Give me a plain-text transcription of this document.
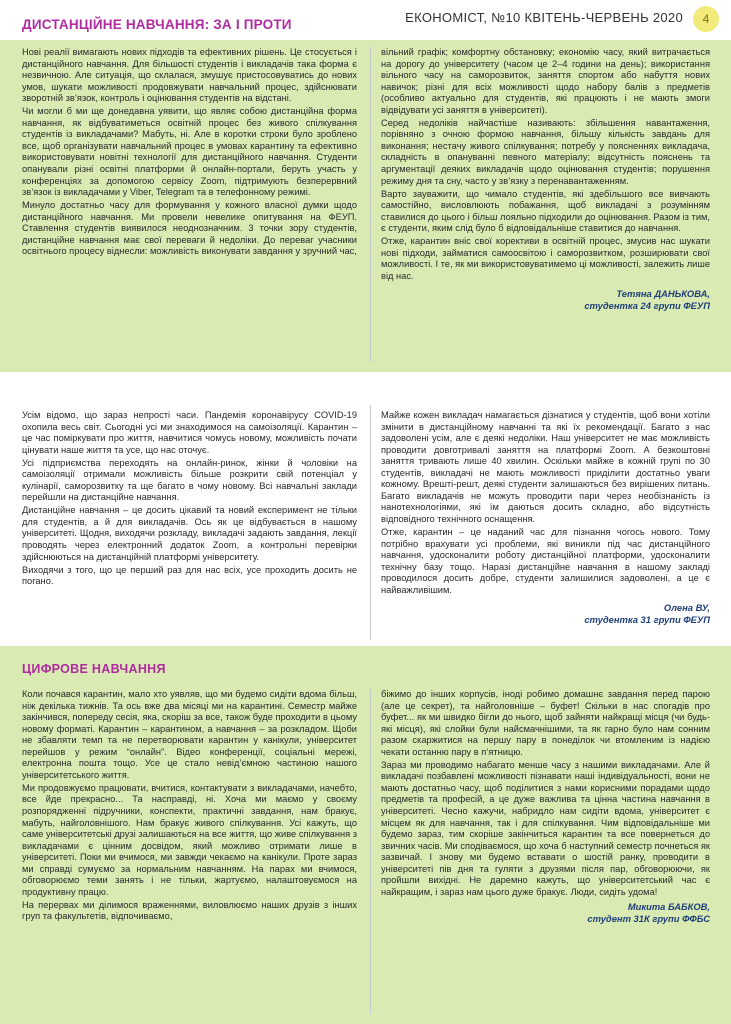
ДИСТАНЦІЙНЕ НАВЧАННЯ: ЗА І ПРОТИ	ЕКОНОМІСТ, №10 КВІТЕНЬ-ЧЕРВЕНЬ 2020	4

Нові реалії вимагають нових підходів та ефективних рішень. Це стосується і дистанційного навчання. Для більшості студентів і викладачів така форма є незвичною. Але ситуація, що склалася, змушує пристосовуватись до нових умов, шукати можливості продовжувати навчальний процес, здійснювати зворотній зв’язок, контроль і оцінювання студентів на відстані.

Чи могли б ми ще донедавна уявити, що являє собою дистанційна форма навчання, як відбуватиметься освітній процес без живого спілкування студентів із викладачами? Мабуть, ні. Але в коротки строки було зроблено все, щоб організувати навчальний процес в умовах карантину та ефективно використовувати новітні технології для дистанційного навчання. Студенти опанували різні освітні платформи й онлайн-портали, беруть участь у конференціях за допомогою сервісу Zoom, підтримують безперервний зв’язок із викладачами у Viber, Telegram та в телефонному режимі.

Минуло достатньо часу для формування у кожного власної думки щодо дистанційного навчання. Ми провели невелике опитування на ФЕУП. Ставлення студентів виявилося неоднозначним. 3 точки зору студентів, дистанційне навчання має свої переваги й недоліки. До переваг учасники освітнього процесу віднесли: можливість виконувати завдання у зручний час,

вільний графік; комфортну обстановку; економію часу, який витрачається на дорогу до університету (часом це 2–4 години на день); використання вільного часу на саморозвиток, заняття спортом або набуття нових навичок; різні для всіх можливості щодо набору балів з предметів (особливо актуально для студентів, які працюють і не мають змоги відвідувати усі заняття в університеті).

Серед недоліків найчастіше називають: збільшення навантаження, порівняно з очною формою навчання, більшу кількість завдань для виконання; нестачу живого спілкування; потребу у поясненнях викладача, складність в опануванні певного матеріалу; відсутність пояснень та аргументації деяких викладачів щодо оцінювання студентів; порушення режиму дня та сну, часто у зв’язку з перенавантаженням.

Варто зауважити, що чимало студентів, які здебільшого все вивчають самостійно, висловлюють побажання, щоб викладачі з розумінням ставилися до цього і більш лояльно підходили до оцінювання. Разом із тим, є студенти, яким слід було б відповідальніше ставитися до навчання.

Отже, карантин вніс свої корективи в освітній процес, змусив нас шукати нові підходи, займатися самоосвітою і саморозвитком, розширювати свої можливості. І те, як ми використовуватимемо ці можливості, залежить лише від нас.

Тетяна ДАНЬКОВА,
студентка 24 групи ФЕУП

Усім відомо, що зараз непрості часи. Пандемія коронавірусу COVID-19 охопила весь світ. Сьогодні усі ми знаходимося на самоізоляції. Карантин – це час поміркувати про життя, навчитися чомусь новому, можливість почати цінувати наше життя та усе, що нас оточує.

Усі підприємства переходять на онлайн-ринок, жінки й чоловіки на самоізоляції отримали можливість більше розкрити свій потенціал у кулінарії, саморозвитку та ще багато в чому новому. Всі навчальні заклади перейшли на дистанційне навчання.

Дистанційне навчання – це досить цікавий та новий експеримент не тільки для студентів, а й для викладачів. Ось як це відбувається в нашому університеті. Щодня, виходячи розкладу, викладачі задають завдання, лекції проводять через електронний додаток Zoom, а контрольні перевірки здійснюються на дистанційній платформі університету.

Виходячи з того, що це перший раз для нас всіх, усе проходить досить не погано.

Майже кожен викладач намагається дізнатися у студентів, щоб вони хотіли змінити в дистанційному навчанні та які їх рекомендації. Багато з нас задоволені усім, але є деякі недоліки. Наш університет не має можливість проводити довготривалі заняття на платформі Zoom. А безкоштовні заняття тривають лише 40 хвилин. Оскільки майже в кожній групі по 30 студентів, викладачі не мають можливості приділити достатньо уваги кожному. Врешті-решт, деякі студенти залишаються без вирішених питань. Багато викладачів не можуть проводити пари через необізнаність із нанотехнологіями, які їм даються досить складно, або відсутність відповідного технічного оснащення.

Отже, карантин – це наданий час для пізнання чогось нового. Тому потрібно врахувати усі проблеми, які виникли під час дистанційного навчання, удосконалити роботу дистанційної платформи, удосконалити технічну базу тощо. Наразі дистанційне навчання в нашому закладі проводилося досить добре, студенти залишилися задоволені, а це є найважливішим.

Олена ВУ,
студентка 31 групи ФЕУП
ЦИФРОВЕ НАВЧАННЯ

Коли почався карантин, мало хто уявляв, що ми будемо сидіти вдома більш, ніж декілька тижнів. Та ось вже два місяці ми на карантині. Семестр майже закінчився, попереду сесія, яка, скоріш за все, також буде проходити в цьому новому форматі. Карантин – карантином, а навчання – за розкладом. Щоби не збавляти темп та не перетворювати карантин у канікули, університет перейшов у режим “онлайн”. Відео конференції, соціальні мережі, електронна пошта тощо. Усе це стало невід’ємною частиною нашого університетського життя.

Ми продовжуємо працювати, вчитися, контактувати з викладачами, начебто, все йде прекрасно... Та насправді, ні. Хоча ми маємо у своєму розпорядженні підручники, конспекти, практичні завдання, нам бракує, мабуть, найголовнішого. Нам бракує живого спілкування. Усі кажуть, що саме університетські друзі залишаються на все життя, що живе спілкування з викладачами є цінним досвідом, який можливо отримати лише в університеті. Поки ми вчимося, ми завжди чекаємо на канікули. Проте зараз ми справді сумуємо за нормальним навчанням. На парах ми вчимося, обговорюємо теми занять і не тільки, жартуємо, налаштовуємося на продуктивну працю.

На перервах ми ділимося враженнями, виловлюємо наших друзів з інших груп та факультетів, відпочиваємо,

біжимо до інших корпусів, іноді робимо домашнє завдання перед парою (але це секрет), та найголовніше – буфет! Скільки в нас спогадів про буфет... як ми швидко бігли до нього, щоб зайняти найкращі місця (чи будь-які місця), які слойки були найсмачнішими, та як гарно було нам сонним разом скаржитися на першу пару в понеділок чи втомленим із надією чекати останню пару в п’ятницю.

Зараз ми проводимо набагато менше часу з нашими викладачами. Але й викладачі позбавлені можливості пізнавати наші індивідуальності, вони не мають достатньо часу, щоб поділитися з нами корисними порадами щодо предметів та професій, а це дуже важлива та цінна частина навчання в університеті. Чесно кажучи, набридло нам сидіти вдома, університет є місцем як для навчання, так і для спілкування. Чим відповідальніше ми будемо зараз, тим скоріше закінчиться карантин та все повернеться до звичних часів. Ми сподіваємося, що хоча б наступний семестр почнеться як зазвичай. І знову ми будемо вставати о шостій ранку, проводити в університеті пів дня та гуляти з друзями після пар, обговорюючи, як пройшли вихідні. Не даремно кажуть, що університетський час є найкращим, і зараз нам цього дуже бракує. Люди, сидіть удома!

Микита БАБКОВ,
студент 31К групи ФФБС
